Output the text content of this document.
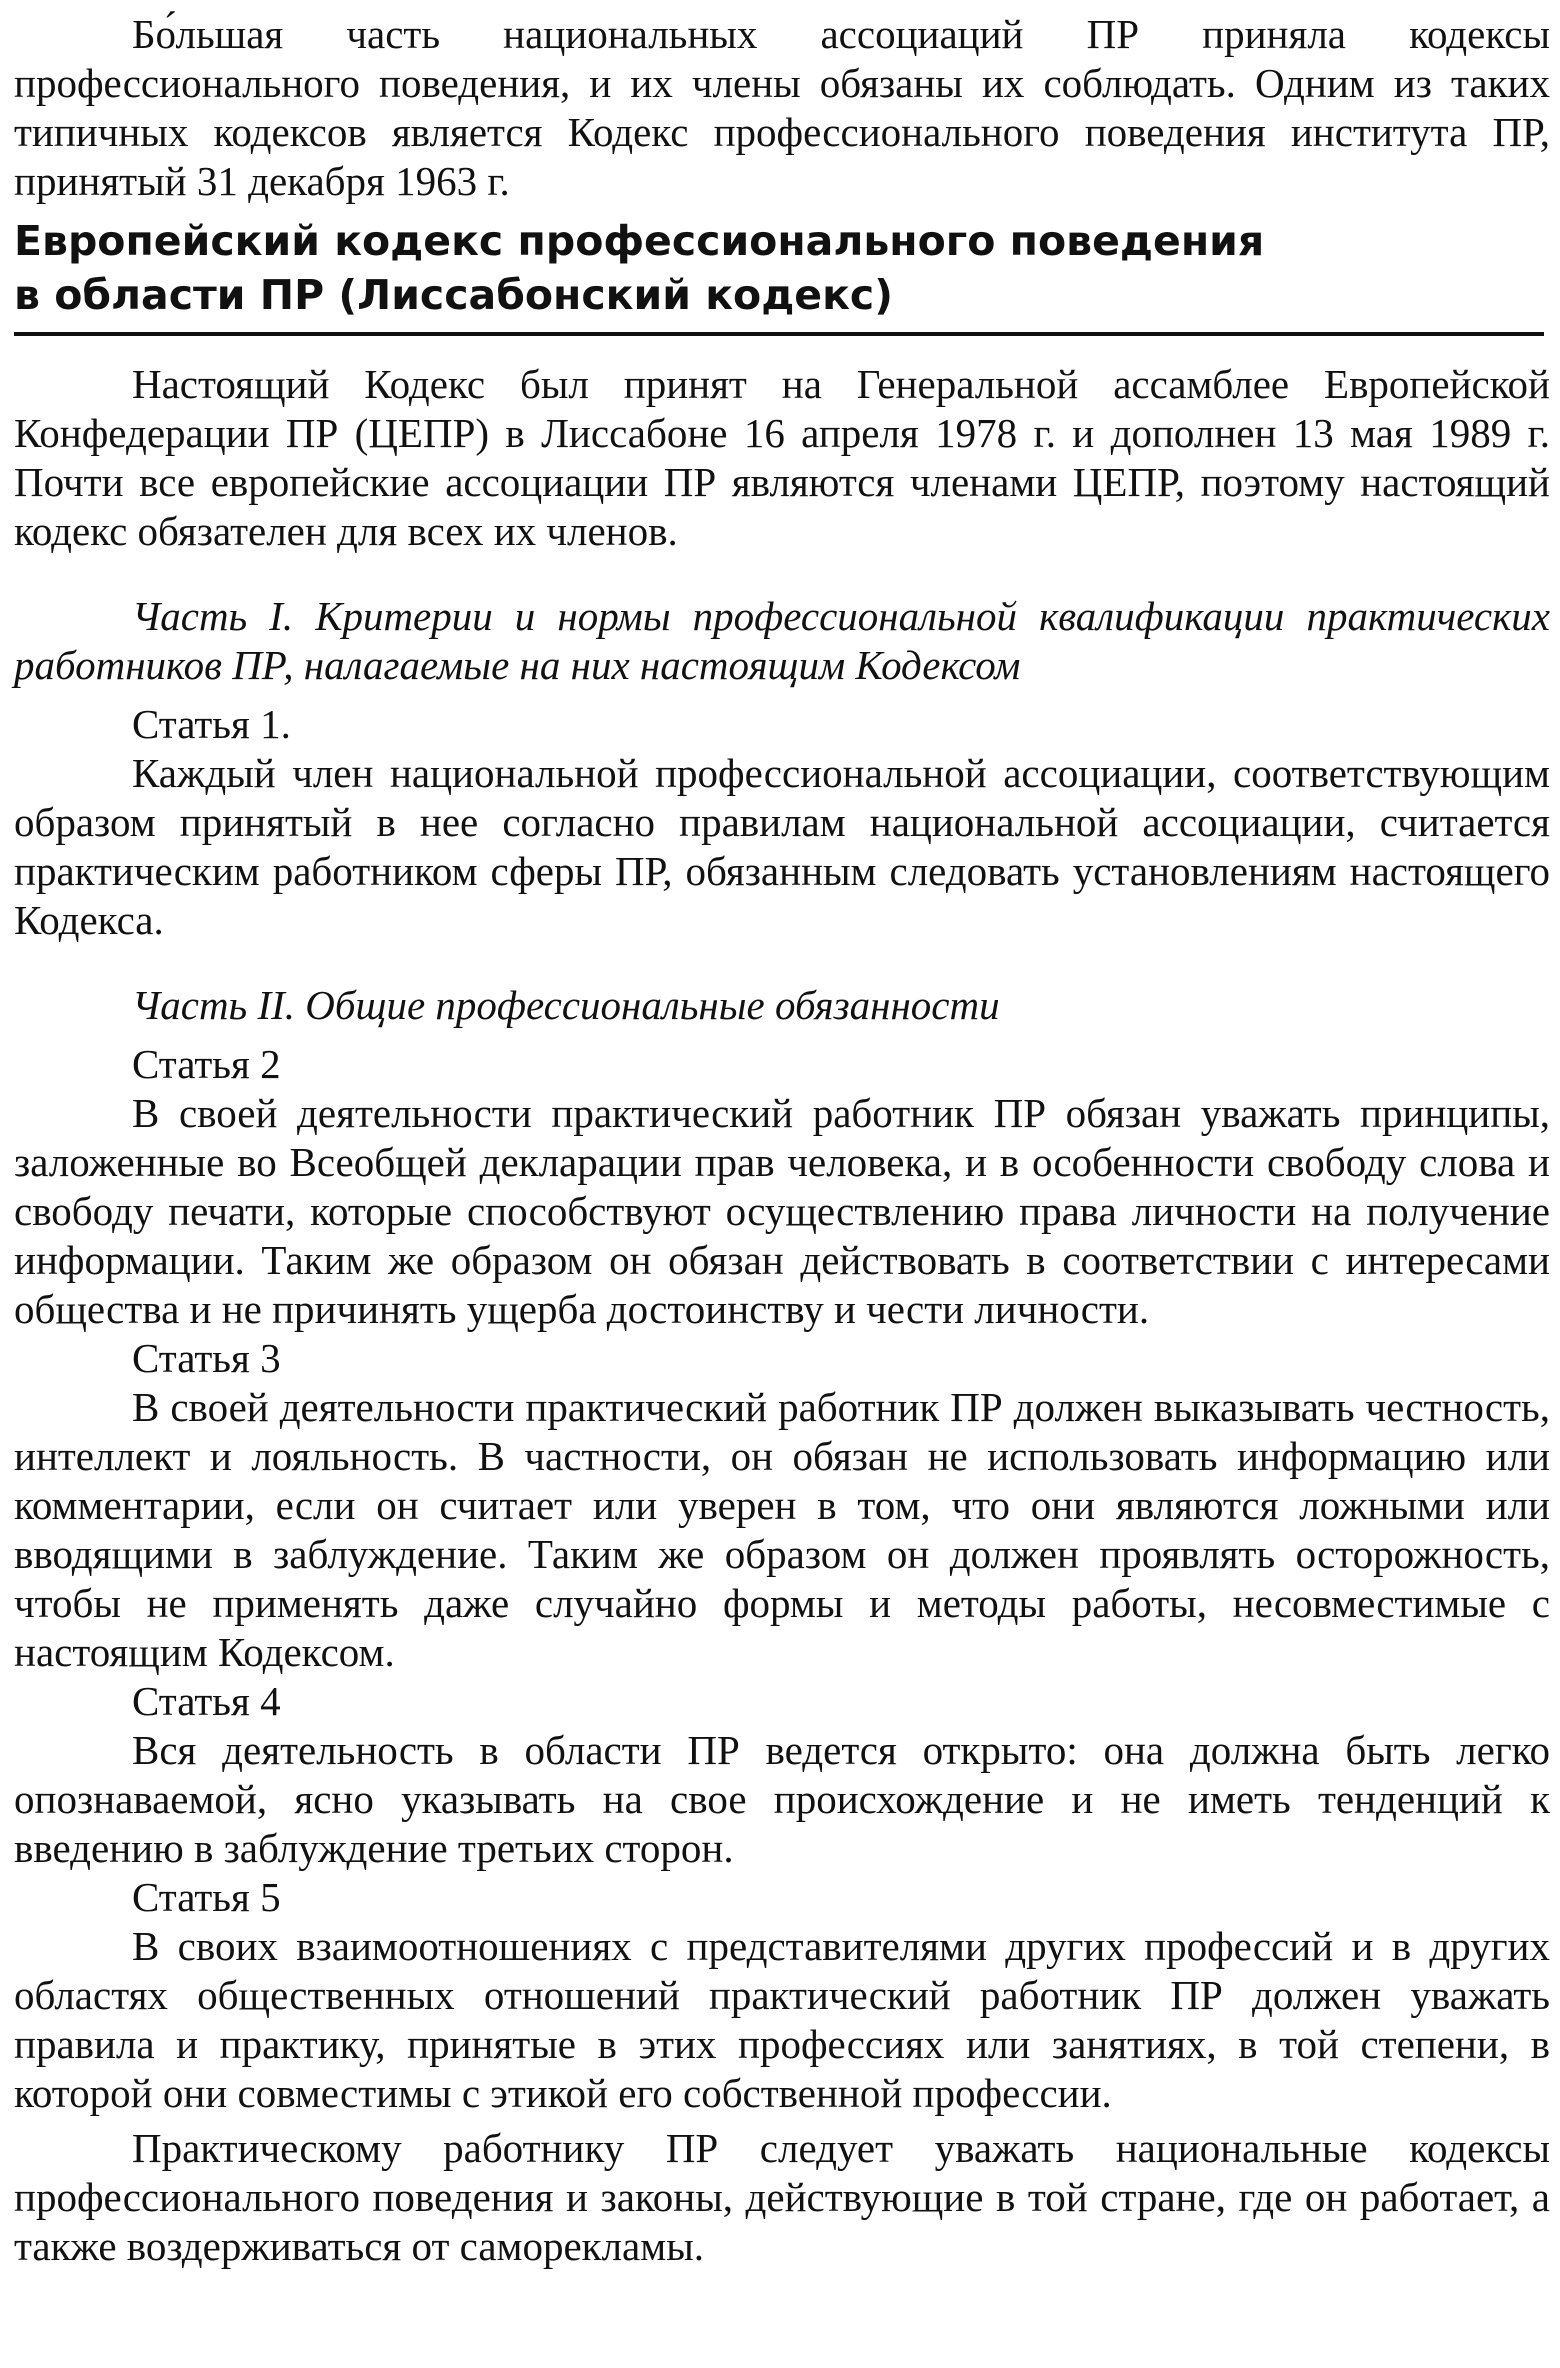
Бо́льшая часть национальных ассоциаций ПР приняла кодексы профессионального поведения, и их члены обязаны их соблюдать. Одним из таких типичных кодексов является Кодекс профессионального поведения института ПР, принятый 31 декабря 1963 г.

Европейский кодекс профессионального поведения
в области ПР (Лиссабонский кодекс)

Настоящий Кодекс был принят на Генеральной ассамблее Европейской Конфедерации ПР (ЦЕПР) в Лиссабоне 16 апреля 1978 г. и дополнен 13 мая 1989 г. Почти все европейские ассоциации ПР являются членами ЦЕПР, поэтому настоящий кодекс обязателен для всех их членов.

Часть I. Критерии и нормы профессиональной квалификации практических работников ПР, налагаемые на них настоящим Кодексом

Статья 1.

Каждый член национальной профессиональной ассоциации, соответствующим образом принятый в нее согласно правилам национальной ассоциации, считается практическим работником сферы ПР, обязанным следовать установлениям настоящего Кодекса.

Часть II. Общие профессиональные обязанности

Статья 2

В своей деятельности практический работник ПР обязан уважать принципы, заложенные во Всеобщей декларации прав человека, и в особенности свободу слова и свободу печати, которые способствуют осуществлению права личности на получение информации. Таким же образом он обязан действовать в соответствии с интересами общества и не причинять ущерба достоинству и чести личности.

Статья 3

В своей деятельности практический работник ПР должен выказывать честность, интеллект и лояльность. В частности, он обязан не использовать информацию или комментарии, если он считает или уверен в том, что они являются ложными или вводящими в заблуждение. Таким же образом он должен проявлять осторожность, чтобы не применять даже случайно формы и методы работы, несовместимые с настоящим Кодексом.

Статья 4

Вся деятельность в области ПР ведется открыто: она должна быть легко опознаваемой, ясно указывать на свое происхождение и не иметь тенденций к введению в заблуждение третьих сторон.

Статья 5

В своих взаимоотношениях с представителями других профессий и в других областях общественных отношений практический работник ПР должен уважать правила и практику, принятые в этих профессиях или занятиях, в той степени, в которой они совместимы с этикой его собственной профессии.

Практическому работнику ПР следует уважать национальные кодексы профессионального поведения и законы, действующие в той стране, где он работает, а также воздерживаться от саморекламы.
